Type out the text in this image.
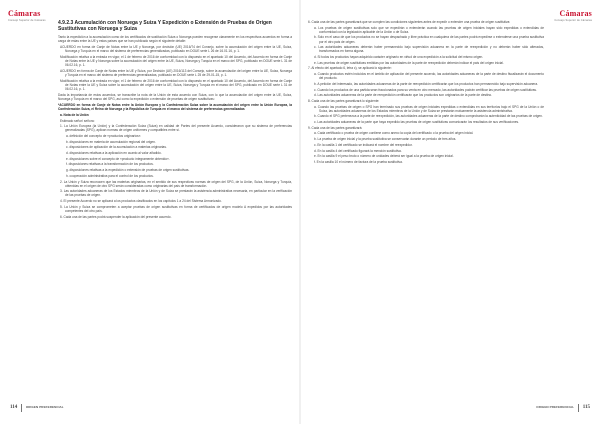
Cámaras
Consejo Superior de Cámaras 4.9.2.3 Acumulación con Noruega y Suiza Y Expedición o Extensión de Pruebas de Origen Sustitutivas con Noruega y Suiza
Tanto la expedición a la acumulación como de los certificados de sustitución Suiza o Noruega pueden recogerse claramente en los respectivos acuerdos en forma a carga de estas entre la UE y estos países que se han publicado según el siguiente detalle:
ACUERDO en forma de Canje de Notas entre la UE y Noruega, por decisión (UE) 2016/74 del Consejo, sobre la acumulación del origen entre la UE, Suiza, Noruega y Turquía en el marco del sistema de preferencias generalizadas, publicado en DOUE serie L 26 de 16.01.16, p. 1.
Modificación relativa a la entrada en vigor, el 1 de febrero de 2016 de conformidad con lo dispuesto en el apartado 10 del Acuerdo, del Acuerdo en forma de Canje de Notas entre la UE y Noruega sobre la acumulación del origen entre la UE, Suiza, Noruega y Turquía en el marco del SPG, publicado en DOUE serie L 31 de 06.02.16, p. 1.
ACUERDO en forma de Canje de Notas entre la UE y Suiza, por Decisión (UE) 2016/113 del Consejo, sobre la acumulación del origen entre la UE, Suiza, Noruega y Turquía en el marco del sistema de preferencias generalizadas, publicado en DOUE serie L 25 de 29-01-15, p. 1.
Modificación relativa a la entrada en vigor, el 1 de febrero de 2016 de conformidad con lo dispuesto en el apartado 10 del Acuerdo, del Acuerdo en forma de Canje de Notas entre la UE y Suiza sobre la acumulación del origen entre la UE, Suiza, Noruega y Turquía en el marco del SPG, publicado en DOUE serie L 31 de 06.02.16, p. 1.
Dada la importancia de estos acuerdos, se transcribe la nota de la Unión de esta acuerdo con Suiza, con lo que la acumulación del origen entre la UE, Suiza, Noruega y Turquía en el marco del SPG, así como la expedición o extensión de pruebas de origen sustitutivas:
*ACUERDO en forma de Canje de Notas entre la Unión Europea y la Confederación Suiza sobre la acumulación del origen entre la Unión Europea, la Confederación Suiza, el Reino de Noruega y la República de Turquía en el marco del sistema de preferencias generalizadas
a. Nota de la Unión
Estimado señor/ señora:
1. La Unión Europea (la Unión) y la Confederación Suiza (Suiza) en calidad de Partes del presente Acuerdo, consideraron que su sistema de preferencias generalizadas (SPG), aplican normas de origen uniformes y compatibles entre sí.
a. definición del concepto de «productos originarios».
b. disposiciones en materia de acumulación regional del origen.
c. disposiciones de aplicación de la acumulación a materias originarias.
d. disposiciones relativas a la aplicación en cuanto al valor añadido.
e. disposiciones sobre el concepto de «producto íntegramente obtenido».
f. disposiciones relativas a la transformación de los productos.
g. disposiciones relativas a la expedición o extensión de pruebas de origen sustitutivas.
h. cooperación administrativa para el control de los productos.
2. La Unión y Suiza reconocen que las materias originarias, en el sentido de sus respectivas normas de origen del SPG, de la Unión, Suiza, Noruega y Turquía, obtenidas en el origen de otro SPG serán consideradas como originarias del país de transformación.
3. Las autoridades aduaneras de los Estados miembros de la Unión y de Suiza se prestarán la asistencia administrativa necesaria, en particular en la verificación de las pruebas de origen.
4. El presente Acuerdo no se aplicará a los productos clasificados en los capítulos 1 a 24 del Sistema Armonizado.
5. La Unión y Suiza se comprometen a aceptar pruebas de origen sustitutivas en forma de certificados de origen modelo A expedidos por las autoridades competentes del otro país.
6. Cada una de las partes podrá suspender la aplicación del presente acuerdo.
114	ORIGEN PREFERENCIAL
Cámaras
Consejo Superior de Cámaras
6. Cada una de las partes garantizará que se cumplen las condiciones siguientes antes de expedir o extender una prueba de origen sustitutiva:
a. Los pruebas de origen sustitutivas solo que se expedirán o extenderán cuando las pruebas de origen iniciales hayan sido expedidas o extendidas de conformidad con la legislación aplicable de la Unión o de Suiza.
b. Solo en el caso de que los productos no se hayan despachado y libre práctica en cualquiera de las partes podrá expedirse o extenderse una prueba sustitutiva por el otro país de origen.
c. Las autoridades aduaneras deberán haber permanecido bajo supervisión aduanera en la parte de reexpedición y no deberán haber sido alterados, transformados en forma alguna.
d. Si todos los productos hayan adquirido carácter originario en virtud de una expedición a la solicitud del mismo origen.
e. Las pruebas de origen sustitutivas emitidas por las autoridades de la parte de reexpedición deberán indicar el país del origen inicial.
7. Al efecto del apartado 6, letra c), se aplicará lo siguiente:
a. Cuando productos estén incluidos en el ámbito de aplicación del presente acuerdo, las autoridades aduaneras de la parte de destino fiscalizarán el documento del producto.
b. A petición del interesado, las autoridades aduaneras de la parte de reexpedición certificarán que los productos han permanecido bajo supervisión aduanera.
c. Cuando los productos de una partida sean fraccionados para su venta en otro mercado, las autoridades podrán certificar las pruebas de origen sustitutivas.
d. Las autoridades aduaneras de la parte de reexpedición certificarán que los productos son originarios de la parte de destino.
8. Cada una de las partes garantizará lo siguiente:
a. Cuando las pruebas de origen o SPG han terminado sus pruebas de origen iniciales expedidas o extendidas en sus territorios bajo el SPG de la Unión o de Suiza, las autoridades aduaneras de los Estados miembros de la Unión y de Suiza se prestarán mutuamente la asistencia administrativa.
b. Cuando el SPG pertenezca a la parte de reexpedición, las autoridades aduaneras de la parte de destino comprobarán la autenticidad de las pruebas de origen.
c. Las autoridades aduaneras de la parte que haya expedido las pruebas de origen sustitutivas comunicarán los resultados de sus verificaciones.
9. Cada una de las partes garantizará:
a. Cada certificado o prueba de origen contiene como anexo la copia del certificado o la prueba del origen inicial.
b. La prueba de origen inicial y la prueba sustitutiva se conservarán durante un periodo de tres años.
c. En la casilla 1 del certificado se indicará el nombre del reexpedidor.
d. En la casilla 4 del certificado figurará la mención sustitutiva.
e. En la casilla 9 el peso bruto o número de unidades deberá ser igual a la prueba de origen inicial.
f. En la casilla 10 el número de factura de la prueba sustitutiva.
ORIGEN PREFERENCIAL 115
